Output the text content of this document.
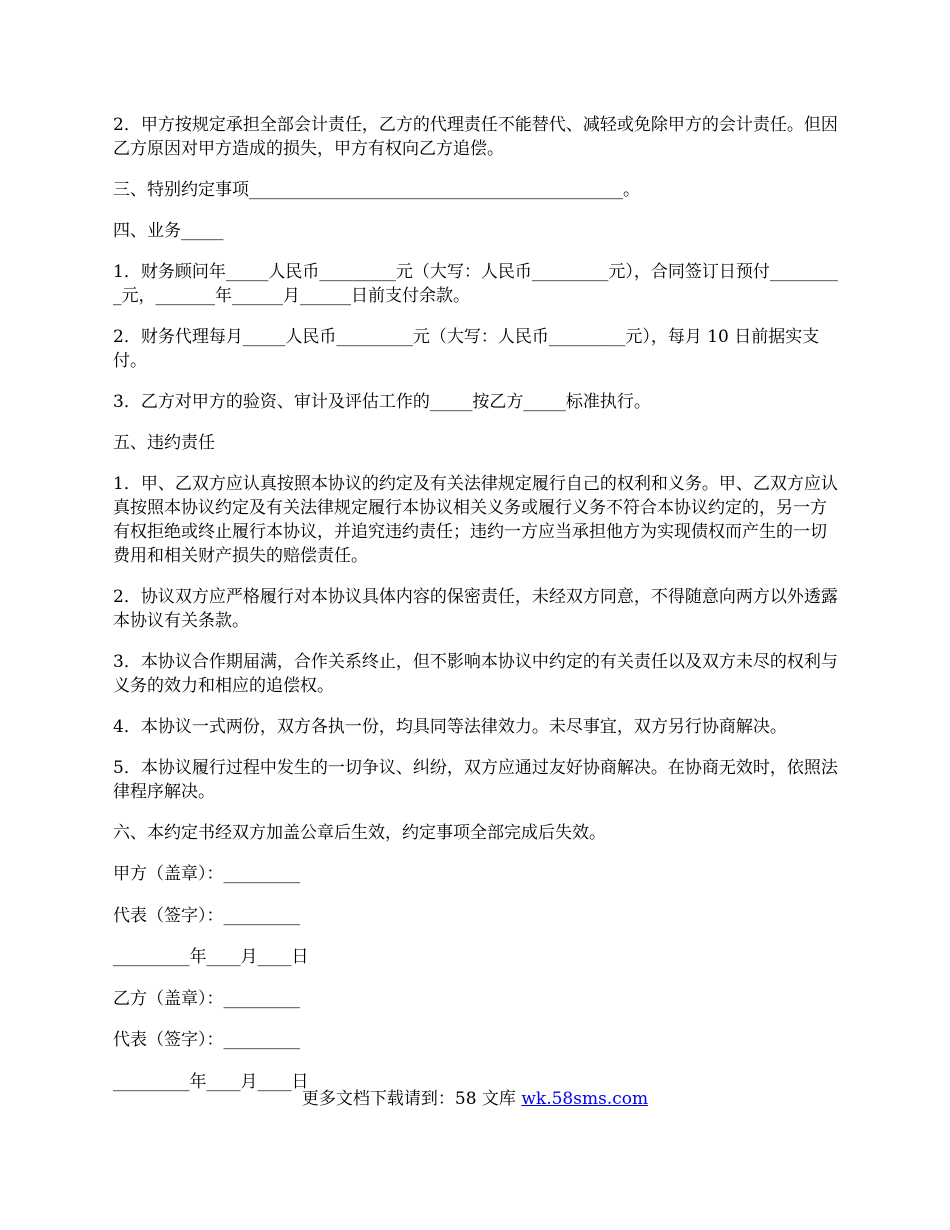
2．甲方按规定承担全部会计责任，乙方的代理责任不能替代、减轻或免除甲方的会计责任。但因乙方原因对甲方造成的损失，甲方有权向乙方追偿。

三、特别约定事项____________________________________________。

四、业务_____

1．财务顾问年_____人民币_________元（大写：人民币_________元），合同签订日预付_________元，_______年______月______日前支付余款。

2．财务代理每月_____人民币_________元（大写：人民币_________元），每月 10 日前据实支付。

3．乙方对甲方的验资、审计及评估工作的_____按乙方_____标准执行。

五、违约责任

1．甲、乙双方应认真按照本协议的约定及有关法律规定履行自己的权利和义务。甲、乙双方应认真按照本协议约定及有关法律规定履行本协议相关义务或履行义务不符合本协议约定的，另一方有权拒绝或终止履行本协议，并追究违约责任；违约一方应当承担他方为实现债权而产生的一切费用和相关财产损失的赔偿责任。

2．协议双方应严格履行对本协议具体内容的保密责任，未经双方同意，不得随意向两方以外透露本协议有关条款。

3．本协议合作期届满，合作关系终止，但不影响本协议中约定的有关责任以及双方未尽的权利与义务的效力和相应的追偿权。

4．本协议一式两份，双方各执一份，均具同等法律效力。未尽事宜，双方另行协商解决。

5．本协议履行过程中发生的一切争议、纠纷，双方应通过友好协商解决。在协商无效时，依照法律程序解决。

六、本约定书经双方加盖公章后生效，约定事项全部完成后失效。

甲方（盖章）：_________

代表（签字）：_________

_________年____月____日

乙方（盖章）：_________

代表（签字）：_________

_________年____月____日

更多文档下载请到：58 文库 wk.58sms.com
